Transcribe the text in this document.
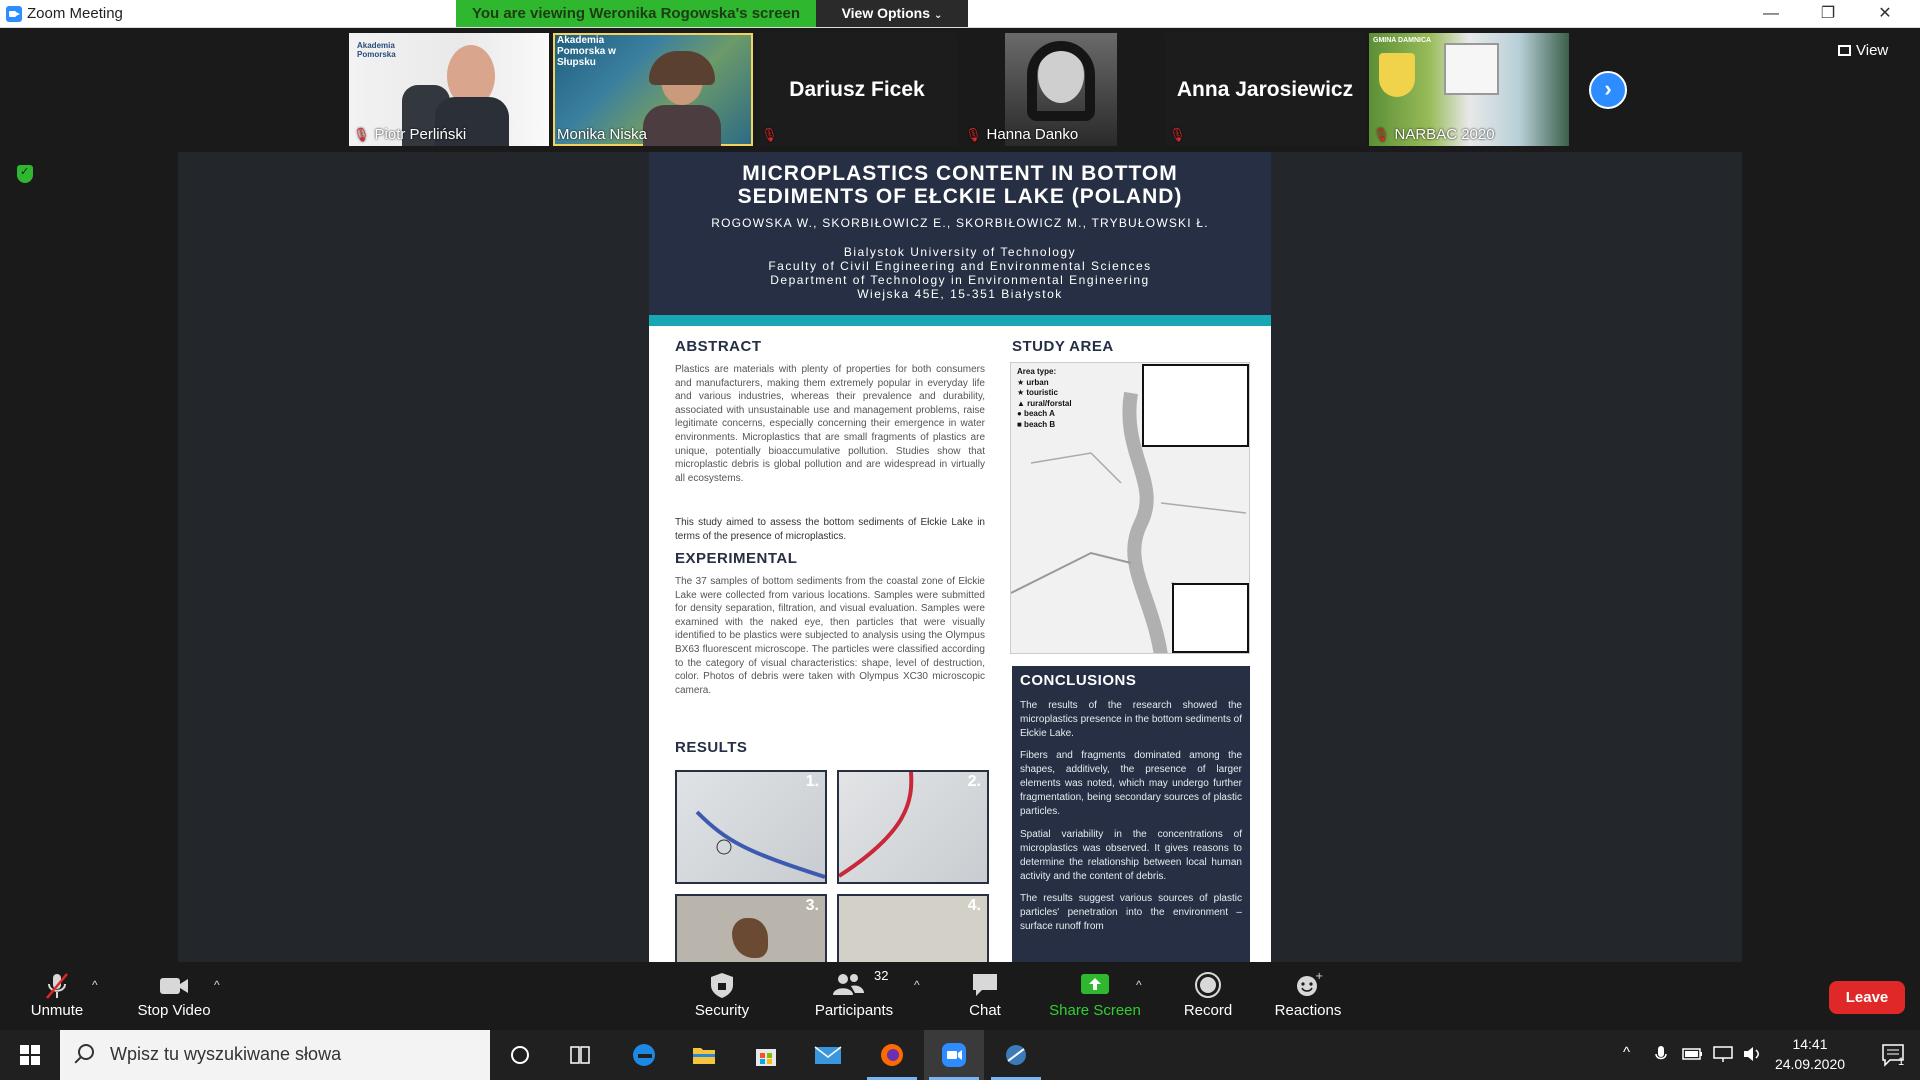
Zoom Meeting	—	❐	✕
You are viewing Weronika Rogowska's screen	View Options ⌄
✓
Akademia Pomorska
🎙 Piotr Perliński
Akademia Pomorska w Słupsku
Monika Niska
Dariusz Ficek
🎙	🎙 Hanna Danko
Anna Jarosiewicz
🎙
GMINA DAMNICA
🎙 NARBAC 2020
›
View
MICROPLASTICS CONTENT IN BOTTOM
SEDIMENTS OF EŁCKIE LAKE (POLAND)
ROGOWSKA W., SKORBIŁOWICZ E., SKORBIŁOWICZ M., TRYBUŁOWSKI Ł.
Bialystok University of Technology
Faculty of Civil Engineering and Environmental Sciences
Department of Technology in Environmental Engineering
Wiejska 45E, 15-351 Białystok
ABSTRACT
Plastics are materials with plenty of properties for both consumers and manufacturers, making them extremely popular in everyday life and various industries, whereas their prevalence and durability, associated with unsustainable use and management problems, raise legitimate concerns, especially concerning their emergence in water environments. Microplastics that are small fragments of plastics are unique, potentially bioaccumulative pollution. Studies show that microplastic debris is global pollution and are widespread in virtually all ecosystems.
This study aimed to assess the bottom sediments of Ełckie Lake in terms of the presence of microplastics.
EXPERIMENTAL
The 37 samples of bottom sediments from the coastal zone of Ełckie Lake were collected from various locations. Samples were submitted for density separation, filtration, and visual evaluation. Samples were examined with the naked eye, then particles that were visually identified to be plastics were subjected to analysis using the Olympus BX63 fluorescent microscope. The particles were classified according to the category of visual characteristics: shape, level of destruction, color. Photos of debris were taken with Olympus XC30 microscopic camera.
RESULTS
1.	2.
3.	4.
STUDY AREA
Area type:
★ urban
★ touristic
▲ rural/forstal
● beach A
■ beach B
CONCLUSIONS
The results of the research showed the microplastics presence in the bottom sediments of Ełckie Lake.
Fibers and fragments dominated among the shapes, additively, the presence of larger elements was noted, which may undergo further fragmentation, being secondary sources of plastic particles.
Spatial variability in the concentrations of microplastics was observed. It gives reasons to determine the relationship between local human activity and the content of debris.
The results suggest various sources of plastic particles' penetration into the environment – surface runoff from
Unmute
^
Stop Video
^
Security
32
Participants
^
Chat	Share Screen
^
Record
+
Reactions
Leave
Wpisz tu wyszukiwane słowa	^	14:41
24.09.2020	1
